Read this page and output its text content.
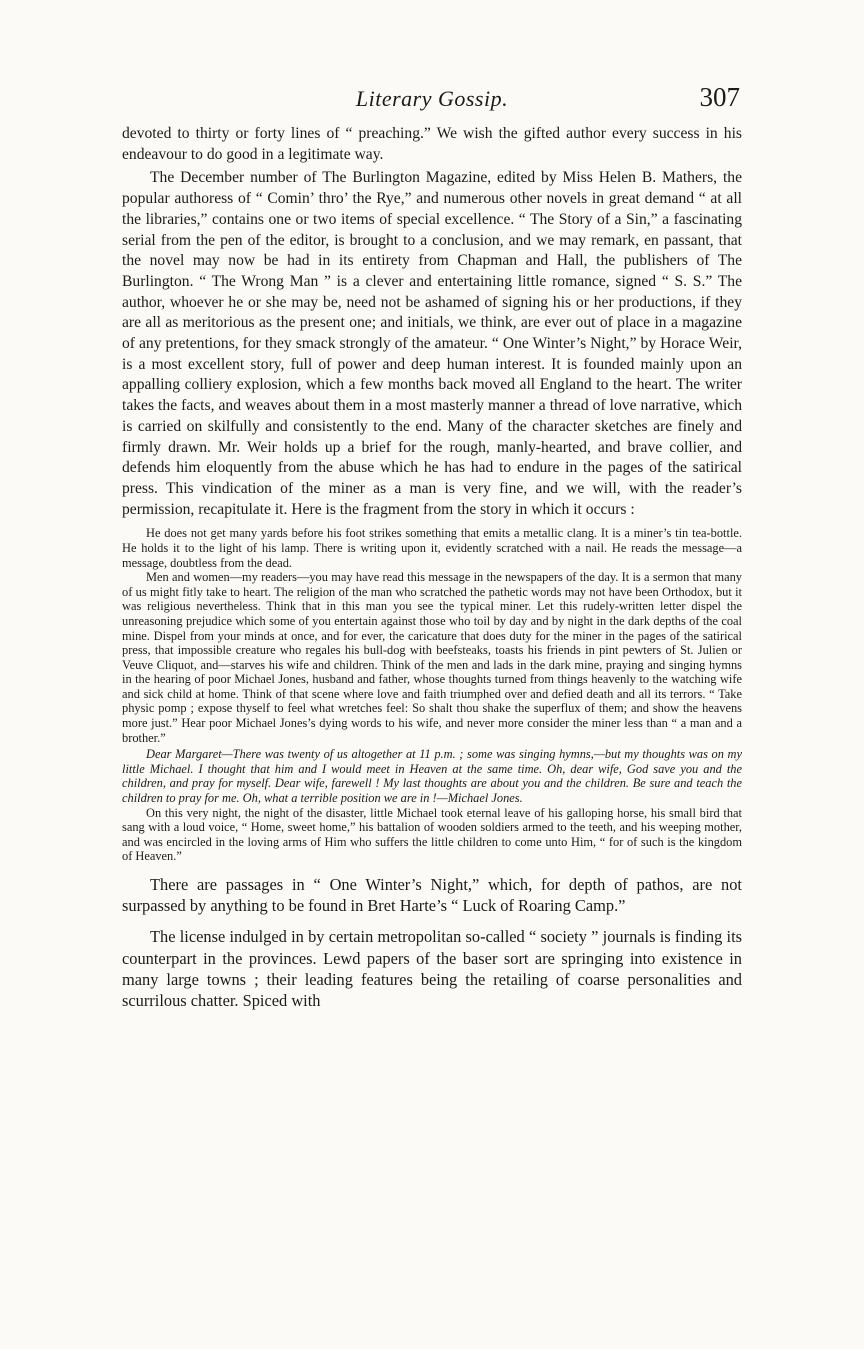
Literary Gossip.	307

devoted to thirty or forty lines of “ preaching.” We wish the gifted author every success in his endeavour to do good in a legitimate way.

The December number of The Burlington Magazine, edited by Miss Helen B. Mathers, the popular authoress of “ Comin’ thro’ the Rye,” and numerous other novels in great demand “ at all the libraries,” contains one or two items of special excellence. “ The Story of a Sin,” a fascinating serial from the pen of the editor, is brought to a conclusion, and we may remark, en passant, that the novel may now be had in its entirety from Chapman and Hall, the publishers of The Burlington. “ The Wrong Man ” is a clever and entertaining little romance, signed “ S. S.” The author, whoever he or she may be, need not be ashamed of signing his or her productions, if they are all as meritorious as the present one; and initials, we think, are ever out of place in a magazine of any pretentions, for they smack strongly of the amateur. “ One Winter’s Night,” by Horace Weir, is a most excellent story, full of power and deep human interest. It is founded mainly upon an appalling colliery explosion, which a few months back moved all England to the heart. The writer takes the facts, and weaves about them in a most masterly manner a thread of love narrative, which is carried on skilfully and consistently to the end. Many of the character sketches are finely and firmly drawn. Mr. Weir holds up a brief for the rough, manly-hearted, and brave collier, and defends him eloquently from the abuse which he has had to endure in the pages of the satirical press. This vindication of the miner as a man is very fine, and we will, with the reader’s permission, recapitulate it. Here is the fragment from the story in which it occurs :

He does not get many yards before his foot strikes something that emits a metallic clang. It is a miner’s tin tea-bottle. He holds it to the light of his lamp. There is writing upon it, evidently scratched with a nail. He reads the message—a message, doubtless from the dead.

Men and women—my readers—you may have read this message in the newspapers of the day. It is a sermon that many of us might fitly take to heart. The religion of the man who scratched the pathetic words may not have been Orthodox, but it was religious nevertheless. Think that in this man you see the typical miner. Let this rudely-written letter dispel the unreasoning prejudice which some of you entertain against those who toil by day and by night in the dark depths of the coal mine. Dispel from your minds at once, and for ever, the caricature that does duty for the miner in the pages of the satirical press, that impossible creature who regales his bull-dog with beefsteaks, toasts his friends in pint pewters of St. Julien or Veuve Cliquot, and—starves his wife and children. Think of the men and lads in the dark mine, praying and singing hymns in the hearing of poor Michael Jones, husband and father, whose thoughts turned from things heavenly to the watching wife and sick child at home. Think of that scene where love and faith triumphed over and defied death and all its terrors. “ Take physic pomp ; expose thyself to feel what wretches feel: So shalt thou shake the superflux of them; and show the heavens more just.” Hear poor Michael Jones’s dying words to his wife, and never more consider the miner less than “ a man and a brother.”

Dear Margaret—There was twenty of us altogether at 11 p.m. ; some was singing hymns,—but my thoughts was on my little Michael. I thought that him and I would meet in Heaven at the same time. Oh, dear wife, God save you and the children, and pray for myself. Dear wife, farewell ! My last thoughts are about you and the children. Be sure and teach the children to pray for me. Oh, what a terrible position we are in !—Michael Jones.

On this very night, the night of the disaster, little Michael took eternal leave of his galloping horse, his small bird that sang with a loud voice, “ Home, sweet home,” his battalion of wooden soldiers armed to the teeth, and his weeping mother, and was encircled in the loving arms of Him who suffers the little children to come unto Him, “ for of such is the kingdom of Heaven.”

There are passages in “ One Winter’s Night,” which, for depth of pathos, are not surpassed by anything to be found in Bret Harte’s “ Luck of Roaring Camp.”

The license indulged in by certain metropolitan so-called “ society ” journals is finding its counterpart in the provinces. Lewd papers of the baser sort are springing into existence in many large towns ; their leading features being the retailing of coarse personalities and scurrilous chatter. Spiced with
